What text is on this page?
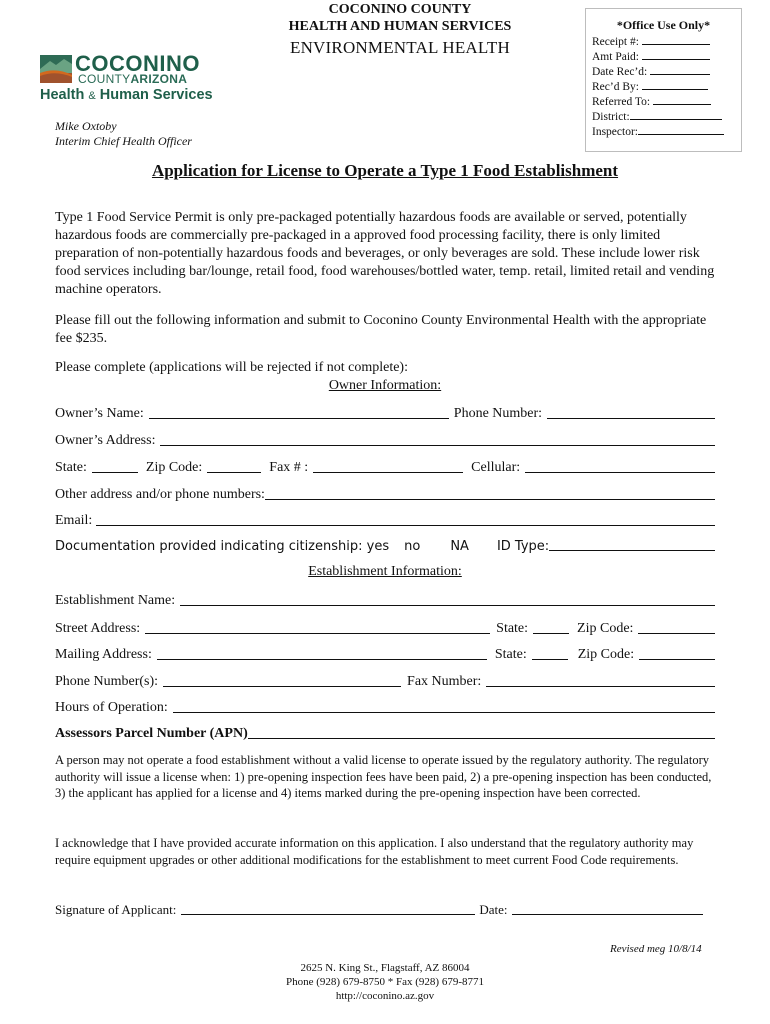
COCONINO COUNTY
HEALTH AND HUMAN SERVICES
ENVIRONMENTAL HEALTH
COCONINO
COUNTYARIZONA
Health & Human Services
Mike Oxtoby
Interim Chief Health Officer
*Office Use Only*
Receipt #:
Amt Paid:
Date Rec’d:
Rec’d By:
Referred To:
District:
Inspector:
Application for License to Operate a Type 1 Food Establishment
Type 1 Food Service Permit is only pre-packaged potentially hazardous foods are available or served, potentially hazardous foods are commercially pre-packaged in a approved food processing facility, there is only limited preparation of non-potentially hazardous foods and beverages, or only beverages are sold. These include lower risk food services including bar/lounge, retail food, food warehouses/bottled water, temp. retail, limited retail and vending machine operators.
Please fill out the following information and submit to Coconino County Environmental Health with the appropriate fee $235.
Please complete (applications will be rejected if not complete):
Owner Information:
Owner’s Name:	Phone Number:
Owner’s Address:
State:	Zip Code:	Fax # :	Cellular:
Other address and/or phone numbers:
Email:
Documentation provided indicating citizenship: yes no NA ID Type:
Establishment Information:
Establishment Name:
Street Address:	State:	Zip Code:
Mailing Address:	State:	Zip Code:
Phone Number(s):	Fax Number:
Hours of Operation:
Assessors Parcel Number (APN)
A person may not operate a food establishment without a valid license to operate issued by the regulatory authority. The regulatory authority will issue a license when: 1) pre-opening inspection fees have been paid, 2) a pre-opening inspection has been conducted, 3) the applicant has applied for a license and 4) items marked during the pre-opening inspection have been corrected.
I acknowledge that I have provided accurate information on this application. I also understand that the regulatory authority may require equipment upgrades or other additional modifications for the establishment to meet current Food Code requirements.
Signature of Applicant:	Date:
Revised meg 10/8/14
2625 N. King St., Flagstaff, AZ 86004
Phone (928) 679-8750 * Fax (928) 679-8771
http://coconino.az.gov
